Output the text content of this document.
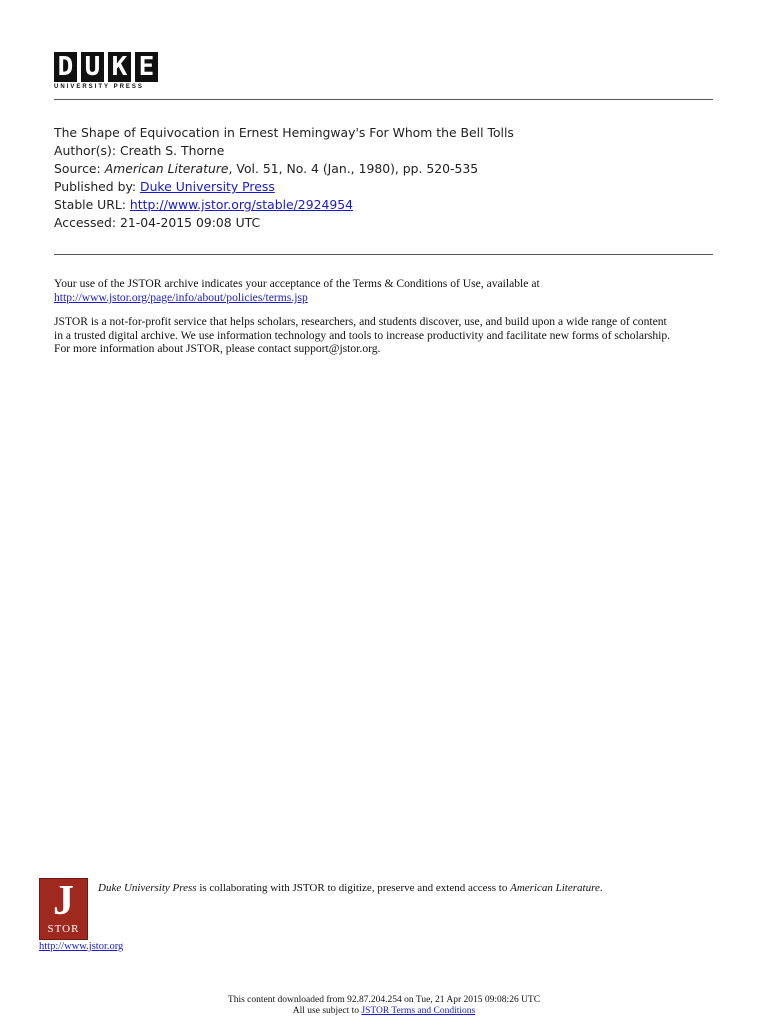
D U K E
UNIVERSITY PRESS
The Shape of Equivocation in Ernest Hemingway's For Whom the Bell Tolls
Author(s): Creath S. Thorne
Source: American Literature, Vol. 51, No. 4 (Jan., 1980), pp. 520-535
Published by: Duke University Press
Stable URL: http://www.jstor.org/stable/2924954
Accessed: 21-04-2015 09:08 UTC

Your use of the JSTOR archive indicates your acceptance of the Terms & Conditions of Use, available at
http://www.jstor.org/page/info/about/policies/terms.jsp

JSTOR is a not-for-profit service that helps scholars, researchers, and students discover, use, and build upon a wide range of content
in a trusted digital archive. We use information technology and tools to increase productivity and facilitate new forms of scholarship.
For more information about JSTOR, please contact support@jstor.org.

J
STOR
http://www.jstor.org
Duke University Press is collaborating with JSTOR to digitize, preserve and extend access to American Literature.
This content downloaded from 92.87.204.254 on Tue, 21 Apr 2015 09:08:26 UTC
All use subject to JSTOR Terms and Conditions
